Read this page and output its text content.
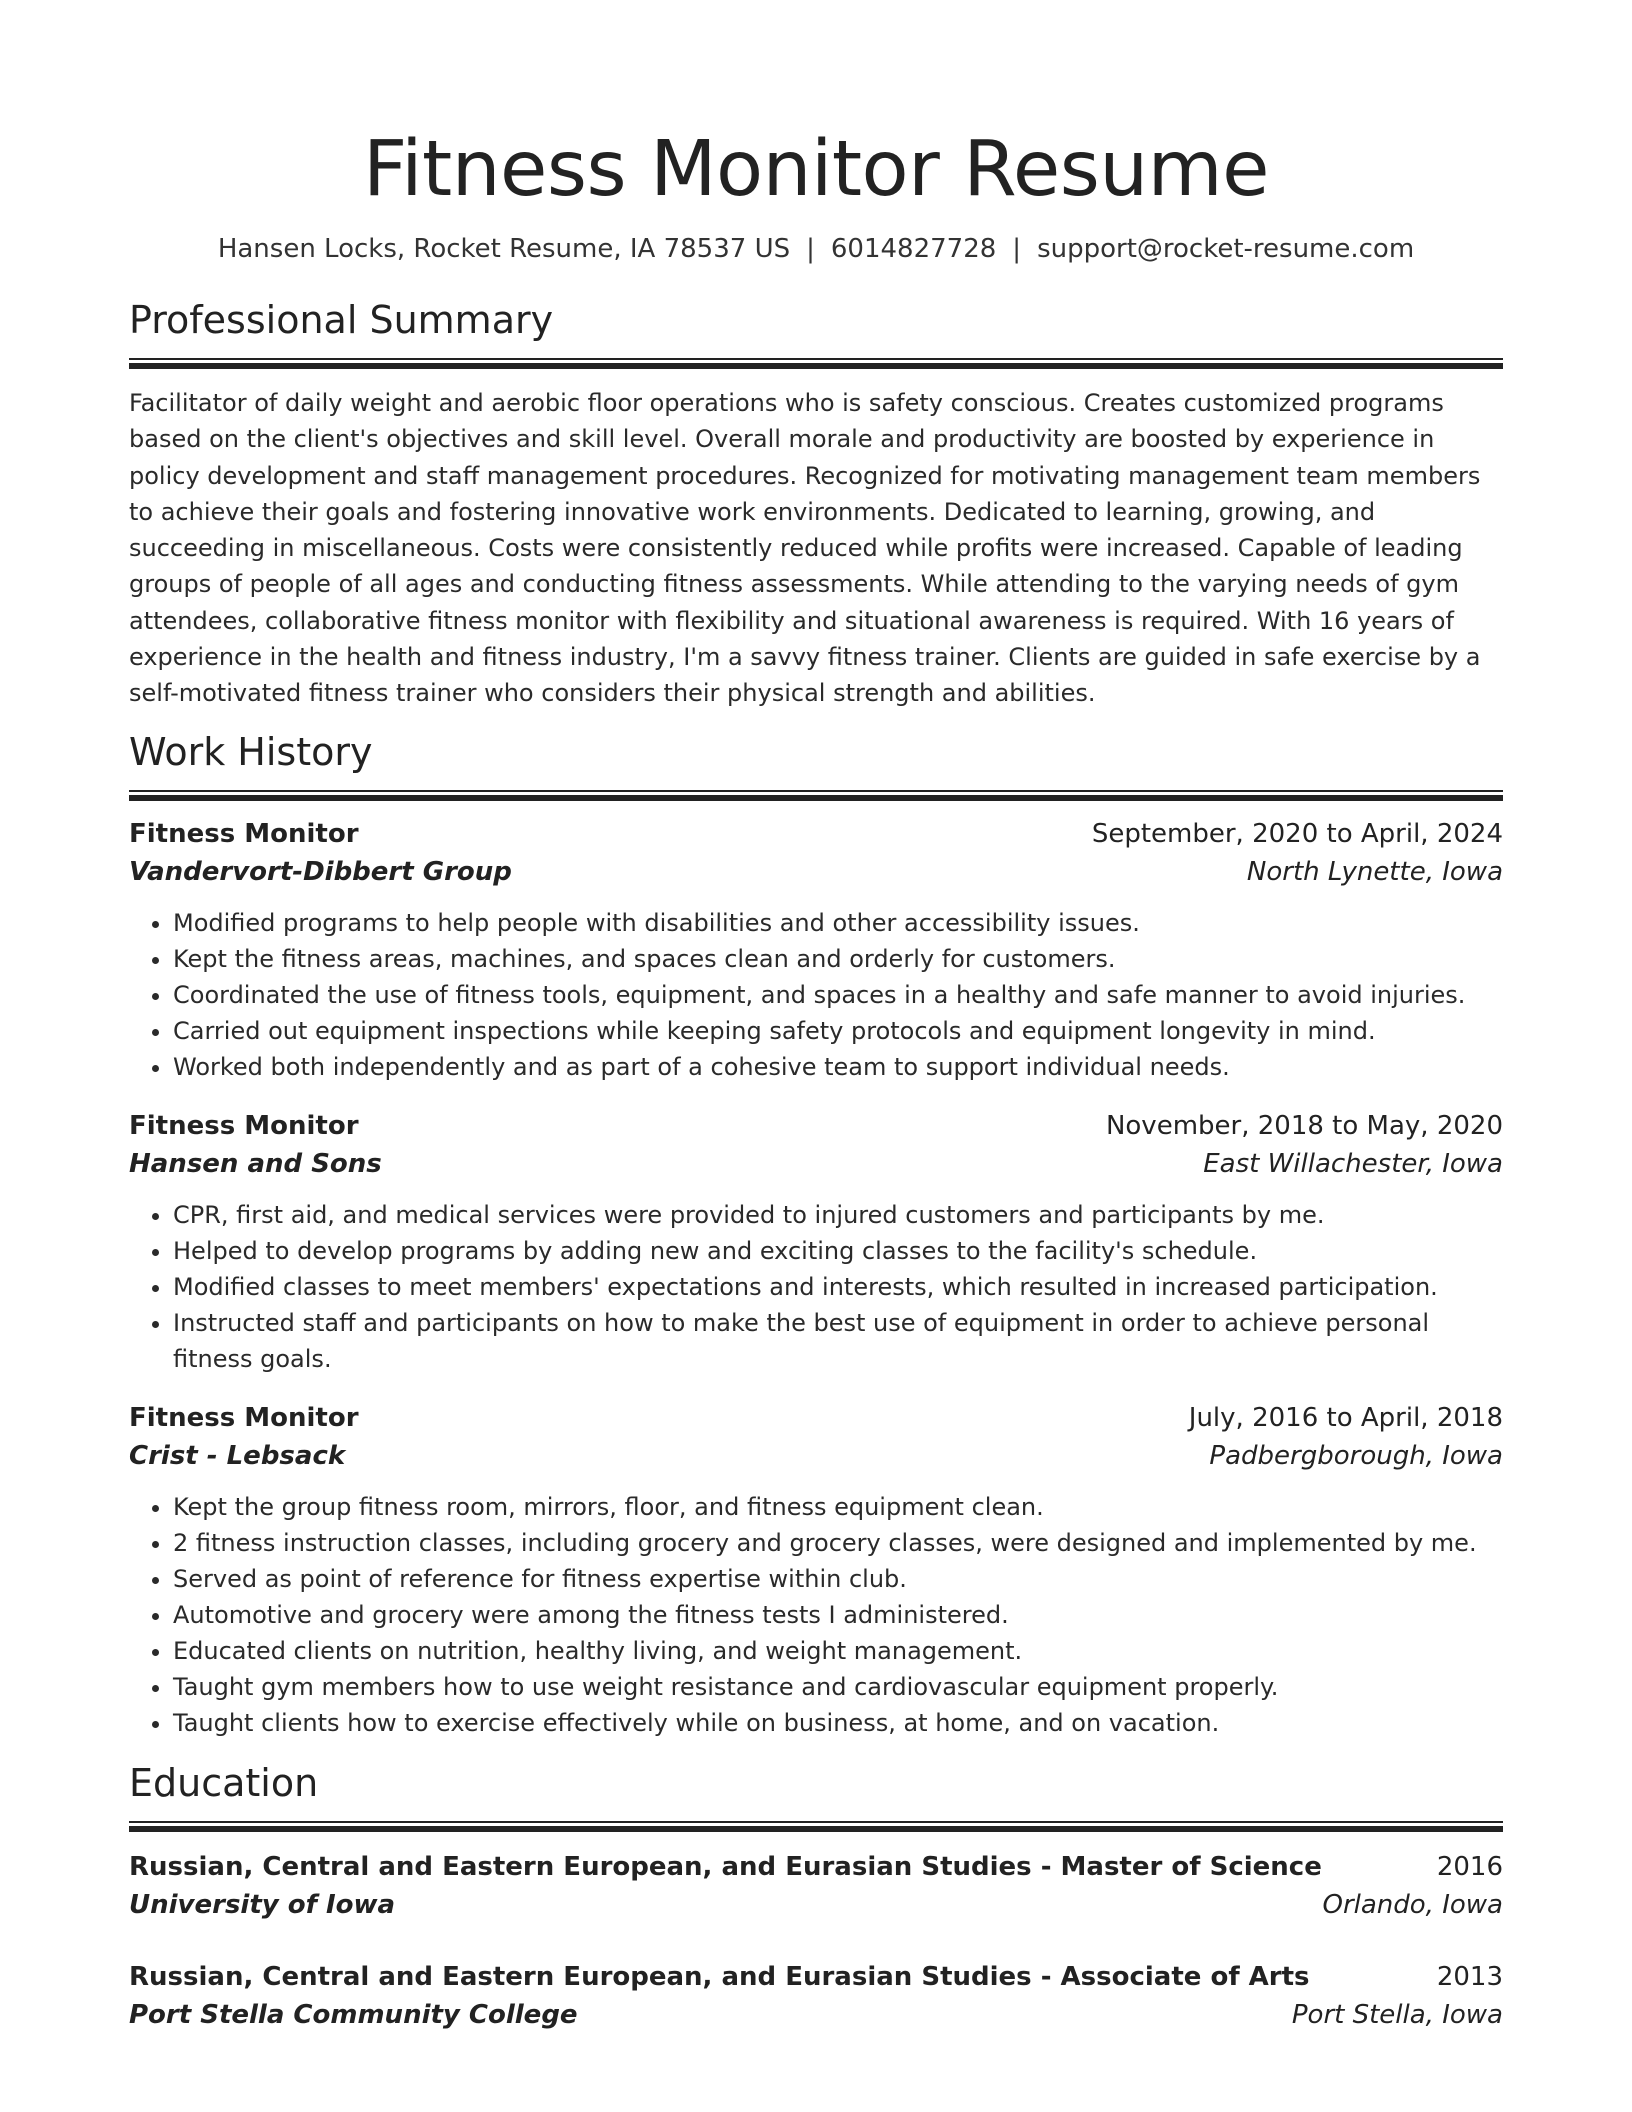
Fitness Monitor Resume
Hansen Locks, Rocket Resume, IA 78537 US | 6014827728 | support@rocket-resume.com
Professional Summary

Facilitator of daily weight and aerobic floor operations who is safety conscious. Creates customized programs based on the client's objectives and skill level. Overall morale and productivity are boosted by experience in policy development and staff management procedures. Recognized for motivating management team members to achieve their goals and fostering innovative work environments. Dedicated to learning, growing, and succeeding in miscellaneous. Costs were consistently reduced while profits were increased. Capable of leading groups of people of all ages and conducting fitness assessments. While attending to the varying needs of gym attendees, collaborative fitness monitor with flexibility and situational awareness is required. With 16 years of experience in the health and fitness industry, I'm a savvy fitness trainer. Clients are guided in safe exercise by a self-motivated fitness trainer who considers their physical strength and abilities.

Work History
Fitness Monitor	September, 2020 to April, 2024
Vandervort-Dibbert Group	North Lynette, Iowa
• Modified programs to help people with disabilities and other accessibility issues.
• Kept the fitness areas, machines, and spaces clean and orderly for customers.
• Coordinated the use of fitness tools, equipment, and spaces in a healthy and safe manner to avoid injuries.
• Carried out equipment inspections while keeping safety protocols and equipment longevity in mind.
• Worked both independently and as part of a cohesive team to support individual needs.
Fitness Monitor	November, 2018 to May, 2020
Hansen and Sons	East Willachester, Iowa
• CPR, first aid, and medical services were provided to injured customers and participants by me.
• Helped to develop programs by adding new and exciting classes to the facility's schedule.
• Modified classes to meet members' expectations and interests, which resulted in increased participation.
• Instructed staff and participants on how to make the best use of equipment in order to achieve personal fitness goals.
Fitness Monitor	July, 2016 to April, 2018
Crist - Lebsack	Padbergborough, Iowa
• Kept the group fitness room, mirrors, floor, and fitness equipment clean.
• 2 fitness instruction classes, including grocery and grocery classes, were designed and implemented by me.
• Served as point of reference for fitness expertise within club.
• Automotive and grocery were among the fitness tests I administered.
• Educated clients on nutrition, healthy living, and weight management.
• Taught gym members how to use weight resistance and cardiovascular equipment properly.
• Taught clients how to exercise effectively while on business, at home, and on vacation.
Education
Russian, Central and Eastern European, and Eurasian Studies - Master of Science	2016
University of Iowa	Orlando, Iowa
Russian, Central and Eastern European, and Eurasian Studies - Associate of Arts	2013
Port Stella Community College	Port Stella, Iowa
